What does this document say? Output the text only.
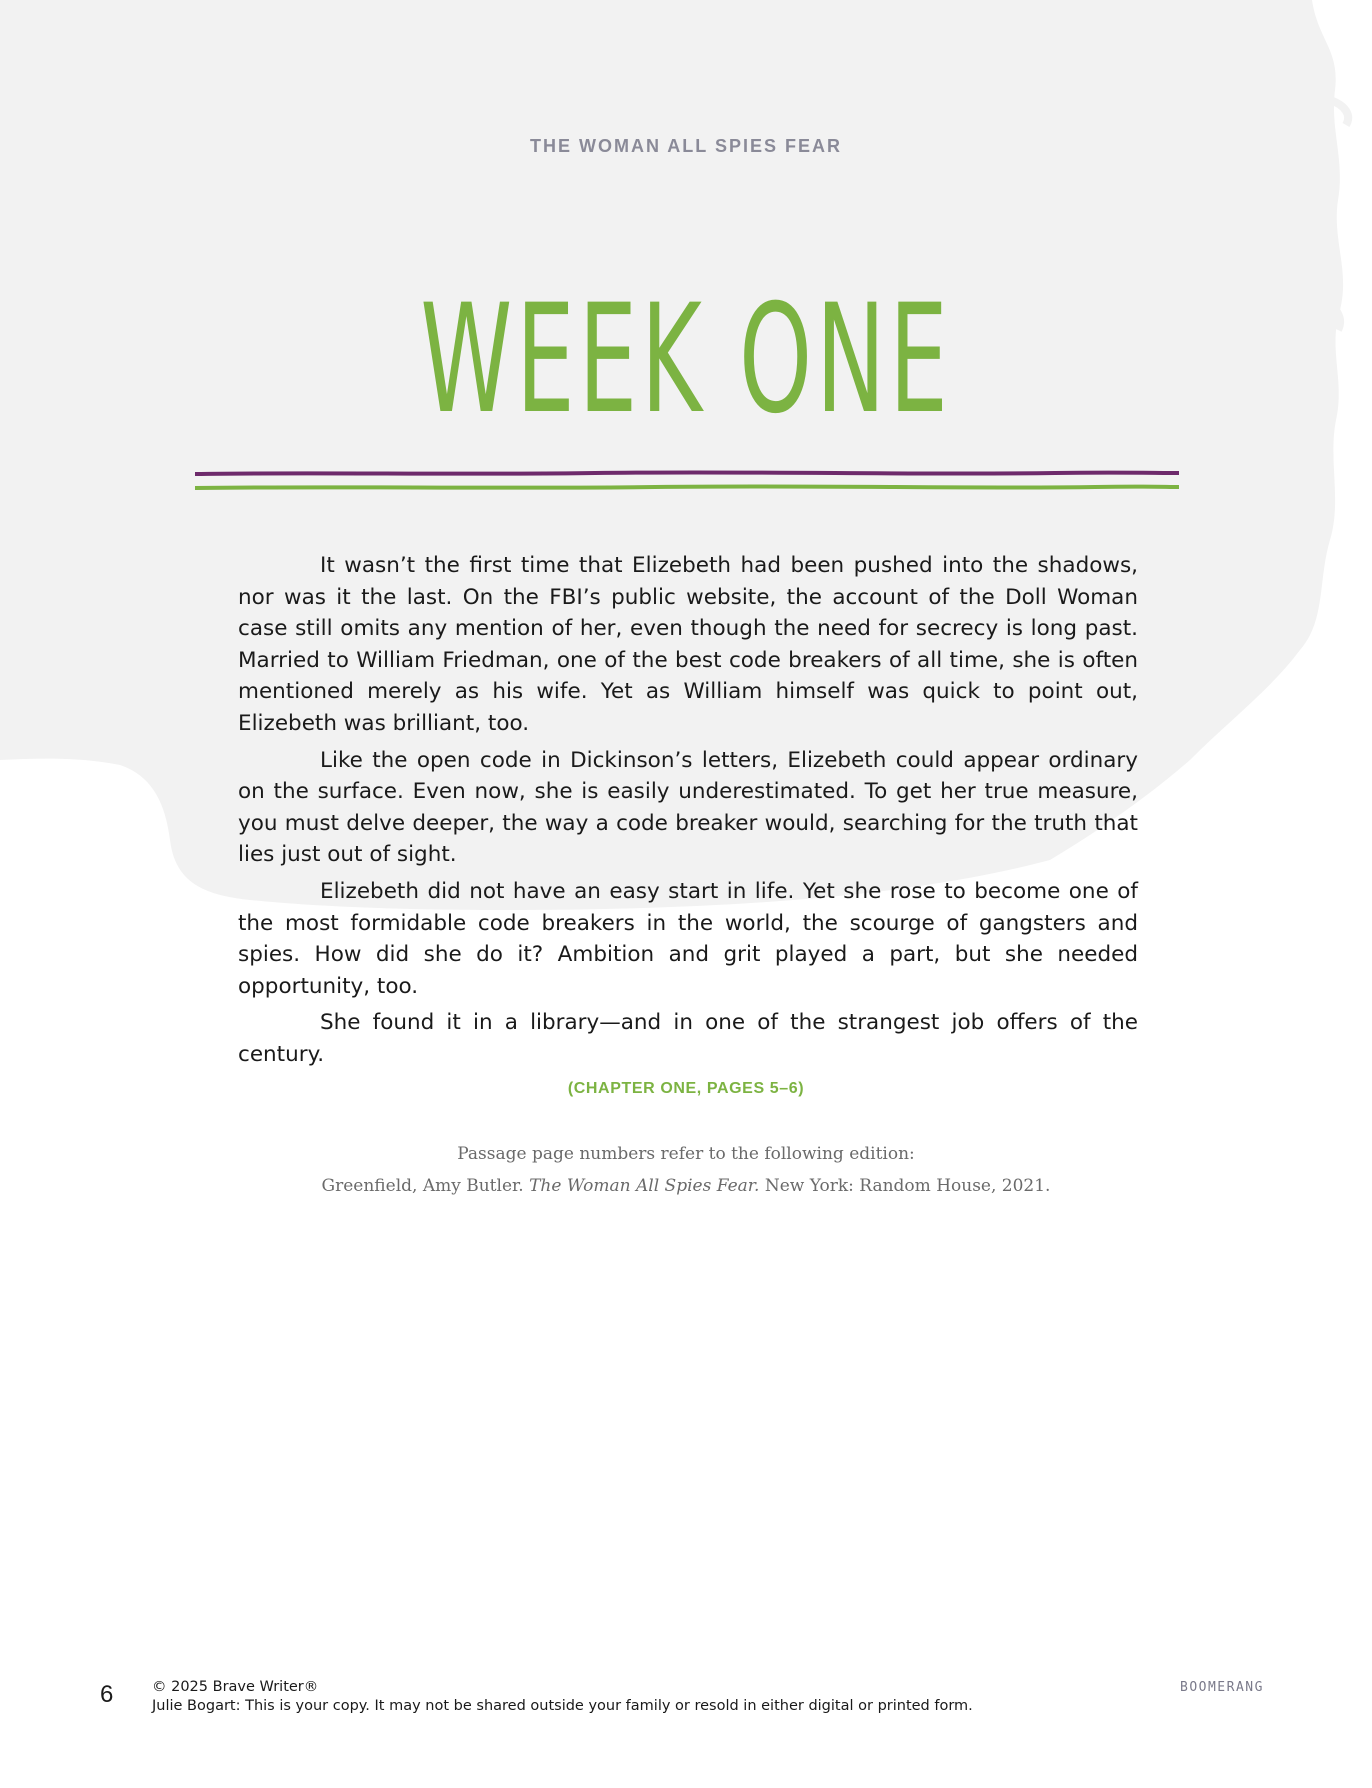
THE WOMAN ALL SPIES FEAR
WEEK ONE

It wasn’t the first time that Elizebeth had been pushed into the shadows, nor was it the last. On the FBI’s public website, the account of the Doll Woman case still omits any mention of her, even though the need for secrecy is long past. Married to William Friedman, one of the best code breakers of all time, she is often mentioned merely as his wife. Yet as William himself was quick to point out, Elizebeth was brilliant, too.

Like the open code in Dickinson’s letters, Elizebeth could appear ordinary on the surface. Even now, she is easily underestimated. To get her true measure, you must delve deeper, the way a code breaker would, searching for the truth that lies just out of sight.

Elizebeth did not have an easy start in life. Yet she rose to become one of the most formidable code breakers in the world, the scourge of gangsters and spies. How did she do it? Ambition and grit played a part, but she needed opportunity, too.

She found it in a library—and in one of the strangest job offers of the century.

(CHAPTER ONE, PAGES 5–6)
Passage page numbers refer to the following edition:
Greenfield, Amy Butler. The Woman All Spies Fear. New York: Random House, 2021.
6	© 2025 Brave Writer®
Julie Bogart: This is your copy. It may not be shared outside your family or resold in either digital or printed form.
BOOMERANG
